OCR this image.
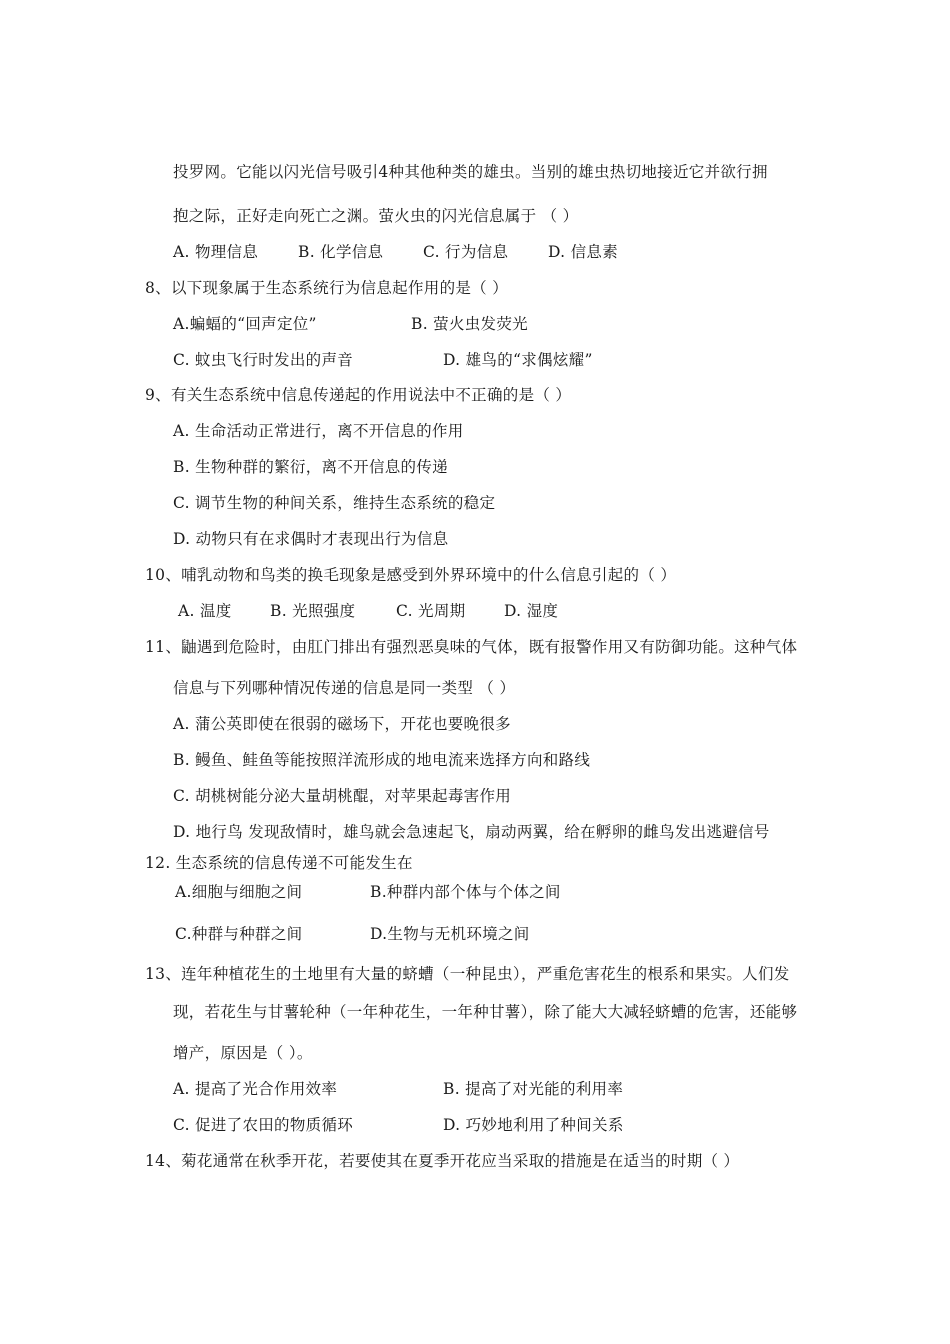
投罗网。它能以闪光信号吸引4种其他种类的雄虫。当别的雄虫热切地接近它并欲行拥
抱之际，正好走向死亡之渊。萤火虫的闪光信息属于 （ ）
A. 物理信息	B. 化学信息	C. 行为信息	D. 信息素
8、以下现象属于生态系统行为信息起作用的是（ ）
A.蝙蝠的“回声定位”	B. 萤火虫发荧光
C. 蚊虫飞行时发出的声音	D. 雄鸟的“求偶炫耀”
9、有关生态系统中信息传递起的作用说法中不正确的是（ ）
A. 生命活动正常进行，离不开信息的作用
B. 生物种群的繁衍，离不开信息的传递
C. 调节生物的种间关系，维持生态系统的稳定
D. 动物只有在求偶时才表现出行为信息
10、哺乳动物和鸟类的换毛现象是感受到外界环境中的什么信息引起的（ ）
A. 温度 B. 光照强度	C. 光周期 D. 湿度
11、鼬遇到危险时，由肛门排出有强烈恶臭味的气体，既有报警作用又有防御功能。这种气体
信息与下列哪种情况传递的信息是同一类型 （ ）
A. 蒲公英即使在很弱的磁场下，开花也要晚很多
B. 鳗鱼、鲑鱼等能按照洋流形成的地电流来选择方向和路线
C. 胡桃树能分泌大量胡桃醌，对苹果起毒害作用
D. 地行鸟 发现敌情时，雄鸟就会急速起飞，扇动两翼，给在孵卵的雌鸟发出逃避信号
12. 生态系统的信息传递不可能发生在
A.细胞与细胞之间	B.种群内部个体与个体之间
C.种群与种群之间	D.生物与无机环境之间
13、连年种植花生的土地里有大量的蛴螬（一种昆虫），严重危害花生的根系和果实。人们发
现，若花生与甘薯轮种（一年种花生，一年种甘薯），除了能大大减轻蛴螬的危害，还能够
增产，原因是（ ）。
A. 提高了光合作用效率	B. 提高了对光能的利用率
C. 促进了农田的物质循环	D. 巧妙地利用了种间关系
14、菊花通常在秋季开花，若要使其在夏季开花应当采取的措施是在适当的时期（ ）
